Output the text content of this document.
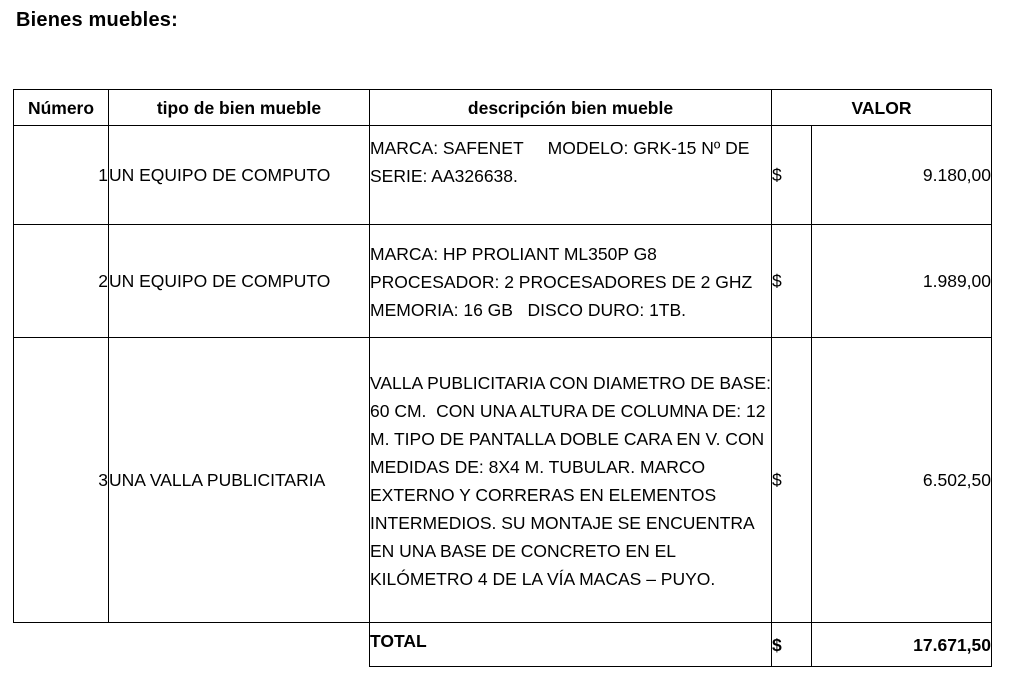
Bienes muebles:
Número	tipo de bien mueble	descripción bien mueble	VALOR	
1	UN EQUIPO DE COMPUTO	MARCA: SAFENET     MODELO: GRK-15 Nº DE SERIE: AA326638.	$	9.180,00
2	UN EQUIPO DE COMPUTO	MARCA: HP PROLIANT ML350P G8 PROCESADOR: 2 PROCESADORES DE 2 GHZ MEMORIA: 16 GB   DISCO DURO: 1TB.	$	1.989,00
3	UNA VALLA PUBLICITARIA	VALLA PUBLICITARIA CON DIAMETRO DE BASE: 60 CM.  CON UNA ALTURA DE COLUMNA DE: 12 M. TIPO DE PANTALLA DOBLE CARA EN V. CON MEDIDAS DE: 8X4 M. TUBULAR. MARCO EXTERNO Y CORRERAS EN ELEMENTOS INTERMEDIOS. SU MONTAJE SE ENCUENTRA EN UNA BASE DE CONCRETO EN EL KILÓMETRO 4 DE LA VÍA MACAS – PUYO.	$	6.502,50
		TOTAL	$	17.671,50
